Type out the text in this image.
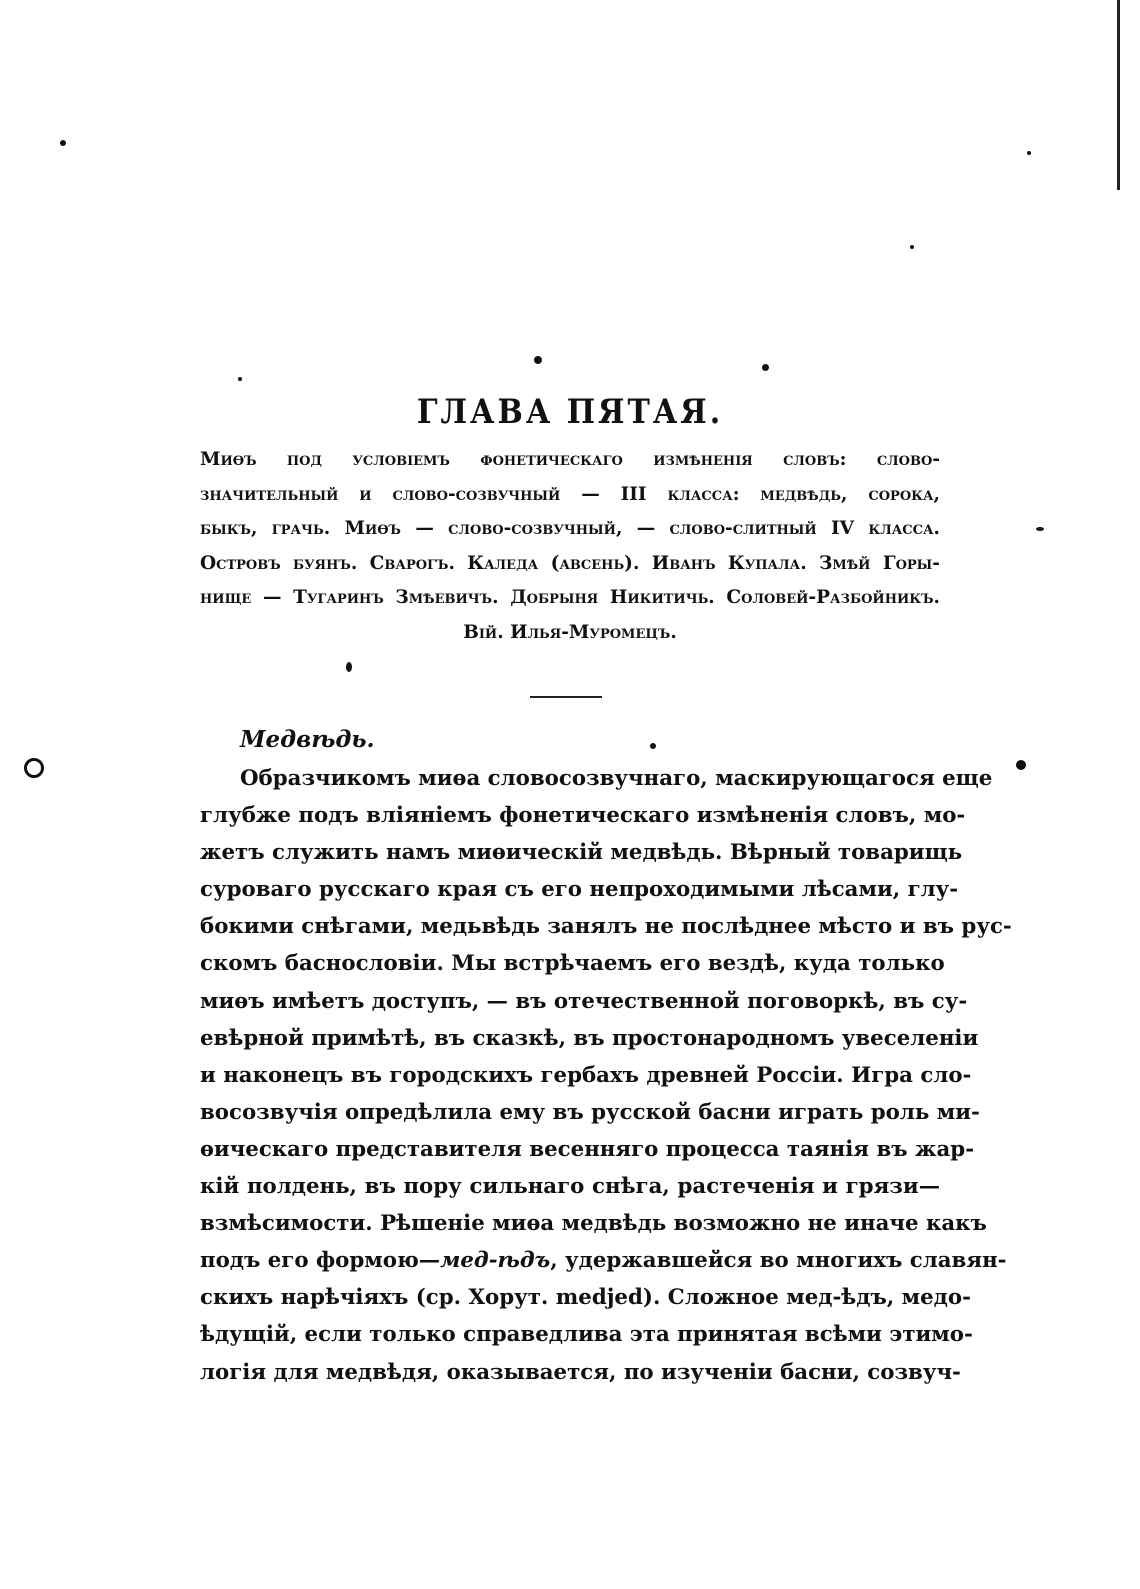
ГЛАВА ПЯТАЯ.
Миѳъ под условіемъ фонетическаго измѣненія словъ: слово-
значительный и слово-созвучный — III класса: медвѣдь, сорока,
быкъ, грачь. Миѳъ — слово-созвучный, — слово-слитный IV класса.
Островъ буянъ. Сварогъ. Каледа (авсень). Иванъ Купала. Змѣй Горы-
нище — Тугаринъ Змѣевичъ. Добрыня Никитичь. Соловей-Разбойникъ.
Вій. Илья-Муромецъ.
Медвѣдь.
Образчикомъ миѳа словосозвучнаго, маскирующагося еще
глубже подъ вліяніемъ фонетическаго измѣненія словъ, мо-
жетъ служить намъ миѳическій медвѣдь. Вѣрный товарищь
суроваго русскаго края съ его непроходимыми лѣсами, глу-
бокими снѣгами, медьвѣдь занялъ не послѣднее мѣсто и въ рус-
скомъ баснословіи. Мы встрѣчаемъ его вездѣ, куда только
миѳъ имѣетъ доступъ, — въ отечественной поговоркѣ, въ су-
евѣрной примѣтѣ, въ сказкѣ, въ простонародномъ увеселеніи
и наконецъ въ городскихъ гербахъ древней Россіи. Игра сло-
восозвучія опредѣлила ему въ русской басни играть роль ми-
ѳическаго представителя весенняго процесса таянія въ жар-
кій полдень, въ пору сильнаго снѣга, растеченія и грязи—
взмѣсимости. Рѣшеніе миѳа медвѣдь возможно не иначе какъ
подъ его формою—мед-ѣдъ, удержавшейся во многихъ славян-
скихъ нарѣчіяхъ (ср. Хорут. medjed). Сложное мед-ѣдъ, медо-
ѣдущій, если только справедлива эта принятая всѣми этимо-
логія для медвѣдя, оказывается, по изученіи басни, созвуч-
